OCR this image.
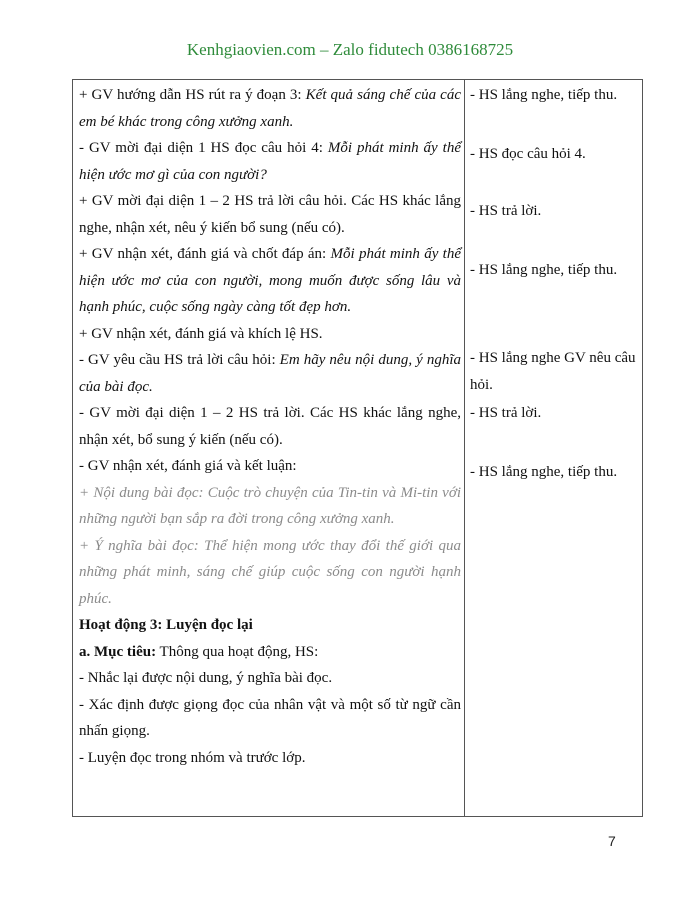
Kenhgiaovien.com – Zalo fidutech 0386168725

+ GV hướng dẫn HS rút ra ý đoạn 3: Kết quả sáng chế của các em bé khác trong công xưởng xanh.

- GV mời đại diện 1 HS đọc câu hỏi 4: Mỗi phát minh ấy thể hiện ước mơ gì của con người?

+ GV mời đại diện 1 – 2 HS trả lời câu hỏi. Các HS khác lắng nghe, nhận xét, nêu ý kiến bổ sung (nếu có).

+ GV nhận xét, đánh giá và chốt đáp án: Mỗi phát minh ấy thể hiện ước mơ của con người, mong muốn được sống lâu và hạnh phúc, cuộc sống ngày càng tốt đẹp hơn.

+ GV nhận xét, đánh giá và khích lệ HS.

- GV yêu cầu HS trả lời câu hỏi: Em hãy nêu nội dung, ý nghĩa của bài đọc.

- GV mời đại diện 1 – 2 HS trả lời. Các HS khác lắng nghe, nhận xét, bổ sung ý kiến (nếu có).

- GV nhận xét, đánh giá và kết luận:

+ Nội dung bài đọc: Cuộc trò chuyện của Tin-tin và Mi-tin với những người bạn sắp ra đời trong công xưởng xanh.

+ Ý nghĩa bài đọc: Thể hiện mong ước thay đổi thế giới qua những phát minh, sáng chế giúp cuộc sống con người hạnh phúc.

Hoạt động 3: Luyện đọc lại

a. Mục tiêu: Thông qua hoạt động, HS:

- Nhắc lại được nội dung, ý nghĩa bài đọc.

- Xác định được giọng đọc của nhân vật và một số từ ngữ cần nhấn giọng.

- Luyện đọc trong nhóm và trước lớp.

- HS lắng nghe, tiếp thu.

- HS đọc câu hỏi 4.

- HS trả lời.

- HS lắng nghe, tiếp thu.

- HS lắng nghe GV nêu câu hỏi.

- HS trả lời.

- HS lắng nghe, tiếp thu.

7
